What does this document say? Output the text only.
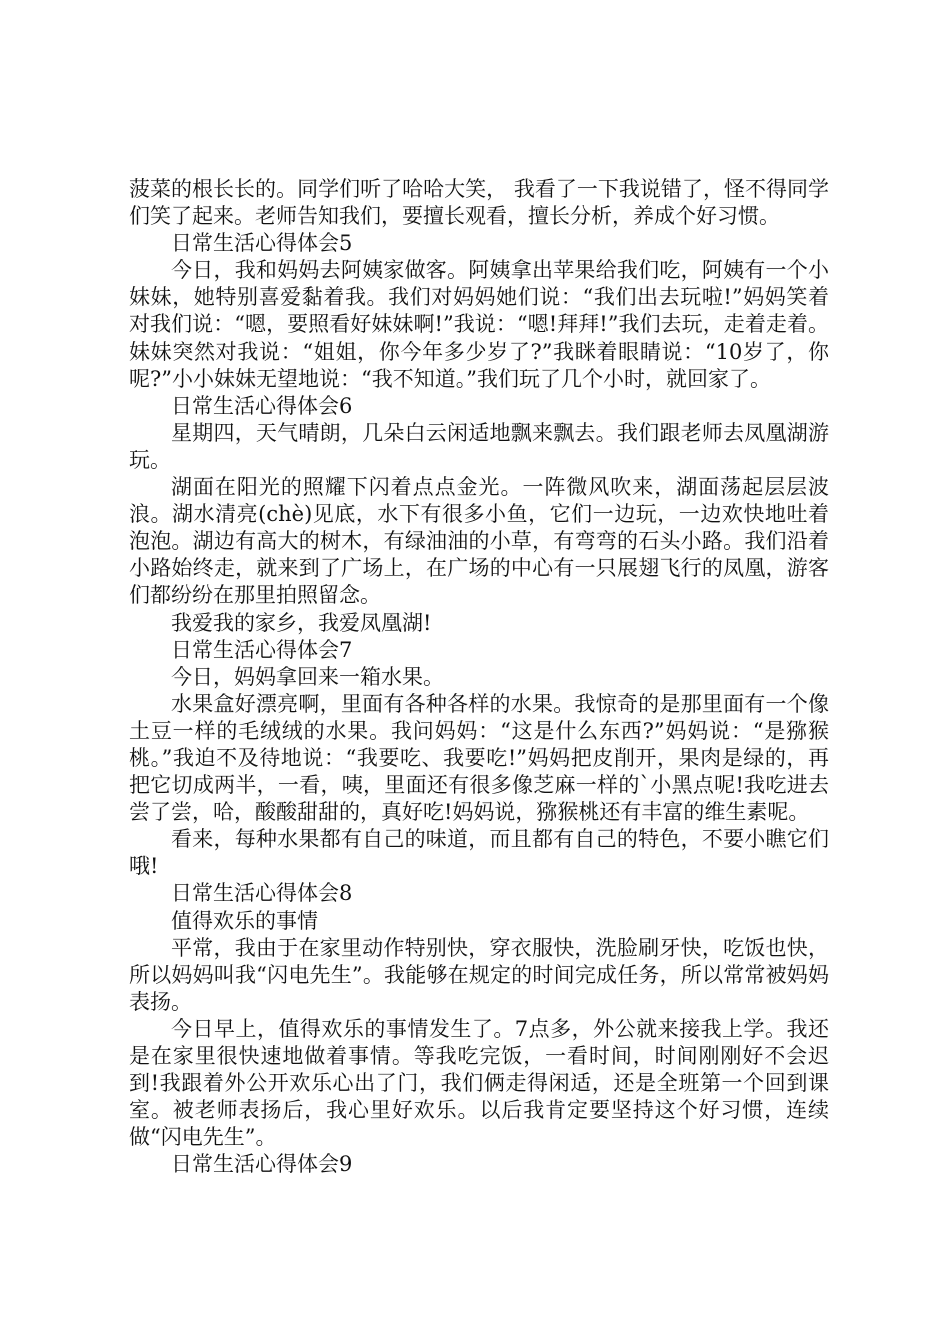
菠菜的根长长的。同学们听了哈哈大笑， 我看了一下我说错了，怪不得同学们笑了起来。老师告知我们，要擅长观看，擅长分析，养成个好习惯。

日常生活心得体会5

今日，我和妈妈去阿姨家做客。阿姨拿出苹果给我们吃，阿姨有一个小妹妹，她特别喜爱黏着我。我们对妈妈她们说：“我们出去玩啦!”妈妈笑着对我们说：“嗯，要照看好妹妹啊!”我说：“嗯!拜拜!”我们去玩，走着走着。妹妹突然对我说：“姐姐，你今年多少岁了?”我眯着眼睛说：“10岁了，你呢?”小小妹妹无望地说：“我不知道。”我们玩了几个小时，就回家了。

日常生活心得体会6

星期四，天气晴朗，几朵白云闲适地飘来飘去。我们跟老师去凤凰湖游玩。

湖面在阳光的照耀下闪着点点金光。一阵微风吹来，湖面荡起层层波浪。湖水清亮(chè)见底，水下有很多小鱼，它们一边玩，一边欢快地吐着泡泡。湖边有高大的树木，有绿油油的小草，有弯弯的石头小路。我们沿着小路始终走，就来到了广场上，在广场的中心有一只展翅飞行的凤凰，游客们都纷纷在那里拍照留念。

我爱我的家乡，我爱凤凰湖!

日常生活心得体会7

今日，妈妈拿回来一箱水果。

水果盒好漂亮啊，里面有各种各样的水果。我惊奇的是那里面有一个像土豆一样的毛绒绒的水果。我问妈妈：“这是什么东西?”妈妈说：“是猕猴桃。”我迫不及待地说：“我要吃、我要吃!”妈妈把皮削开，果肉是绿的，再把它切成两半，一看，咦，里面还有很多像芝麻一样的`小黑点呢!我吃进去尝了尝，哈，酸酸甜甜的，真好吃!妈妈说，猕猴桃还有丰富的维生素呢。

看来，每种水果都有自己的味道，而且都有自己的特色，不要小瞧它们哦!

日常生活心得体会8

值得欢乐的事情

平常，我由于在家里动作特别快，穿衣服快，洗脸刷牙快，吃饭也快，所以妈妈叫我“闪电先生”。我能够在规定的时间完成任务，所以常常被妈妈表扬。

今日早上，值得欢乐的事情发生了。7点多，外公就来接我上学。我还是在家里很快速地做着事情。等我吃完饭，一看时间，时间刚刚好不会迟到!我跟着外公开欢乐心出了门，我们俩走得闲适，还是全班第一个回到课室。被老师表扬后，我心里好欢乐。以后我肯定要坚持这个好习惯，连续做“闪电先生”。

日常生活心得体会9
